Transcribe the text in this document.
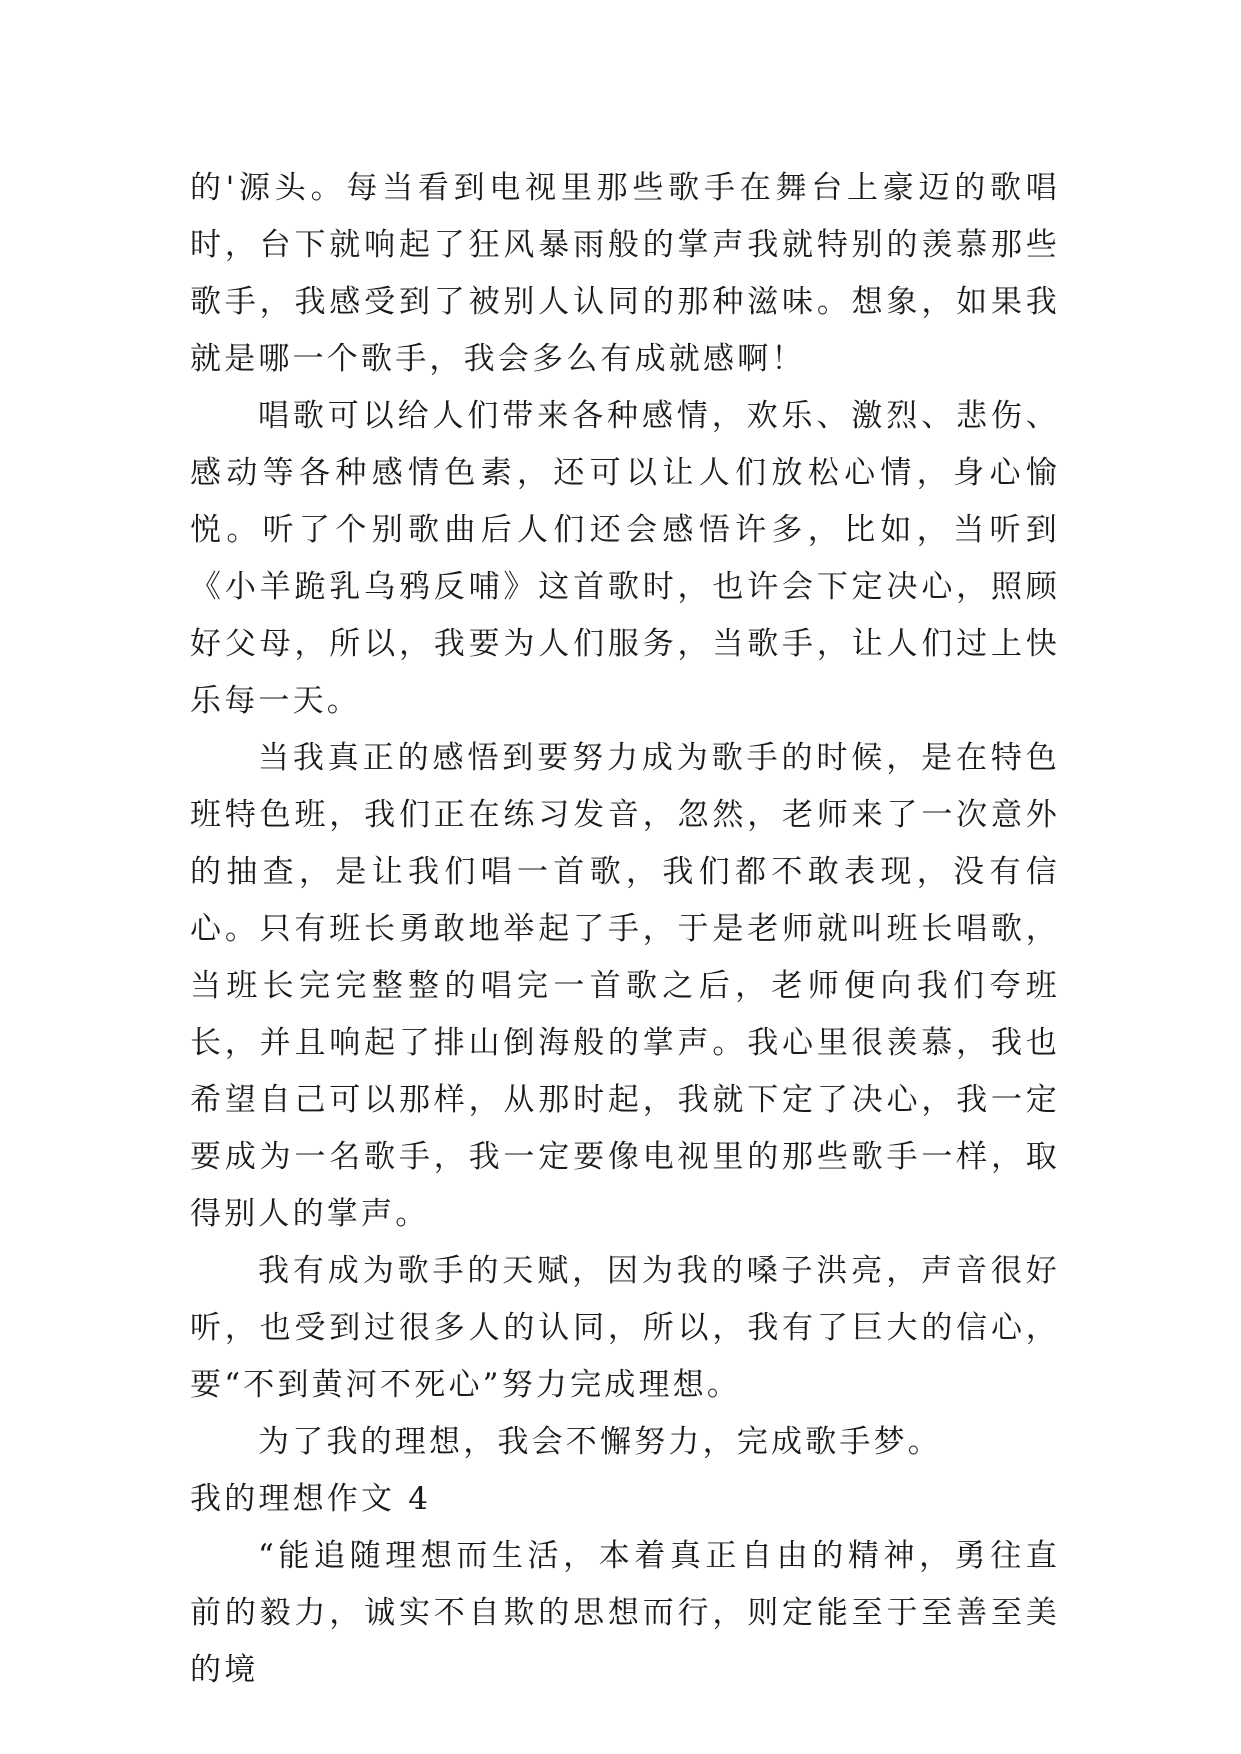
的'源头。每当看到电视里那些歌手在舞台上豪迈的歌唱时，台下就响起了狂风暴雨般的掌声我就特别的羡慕那些歌手，我感受到了被别人认同的那种滋味。想象，如果我就是哪一个歌手，我会多么有成就感啊！

唱歌可以给人们带来各种感情，欢乐、激烈、悲伤、感动等各种感情色素，还可以让人们放松心情，身心愉悦。听了个别歌曲后人们还会感悟许多，比如，当听到《小羊跪乳乌鸦反哺》这首歌时，也许会下定决心，照顾好父母，所以，我要为人们服务，当歌手，让人们过上快乐每一天。

当我真正的感悟到要努力成为歌手的时候，是在特色班特色班，我们正在练习发音，忽然，老师来了一次意外的抽查，是让我们唱一首歌，我们都不敢表现，没有信心。只有班长勇敢地举起了手，于是老师就叫班长唱歌，当班长完完整整的唱完一首歌之后，老师便向我们夸班长，并且响起了排山倒海般的掌声。我心里很羡慕，我也希望自己可以那样，从那时起，我就下定了决心，我一定要成为一名歌手，我一定要像电视里的那些歌手一样，取得别人的掌声。

我有成为歌手的天赋，因为我的嗓子洪亮，声音很好听，也受到过很多人的认同，所以，我有了巨大的信心，要“不到黄河不死心”努力完成理想。

为了我的理想，我会不懈努力，完成歌手梦。

我的理想作文 4

“能追随理想而生活，本着真正自由的精神，勇往直前的毅力，诚实不自欺的思想而行，则定能至于至善至美的境
